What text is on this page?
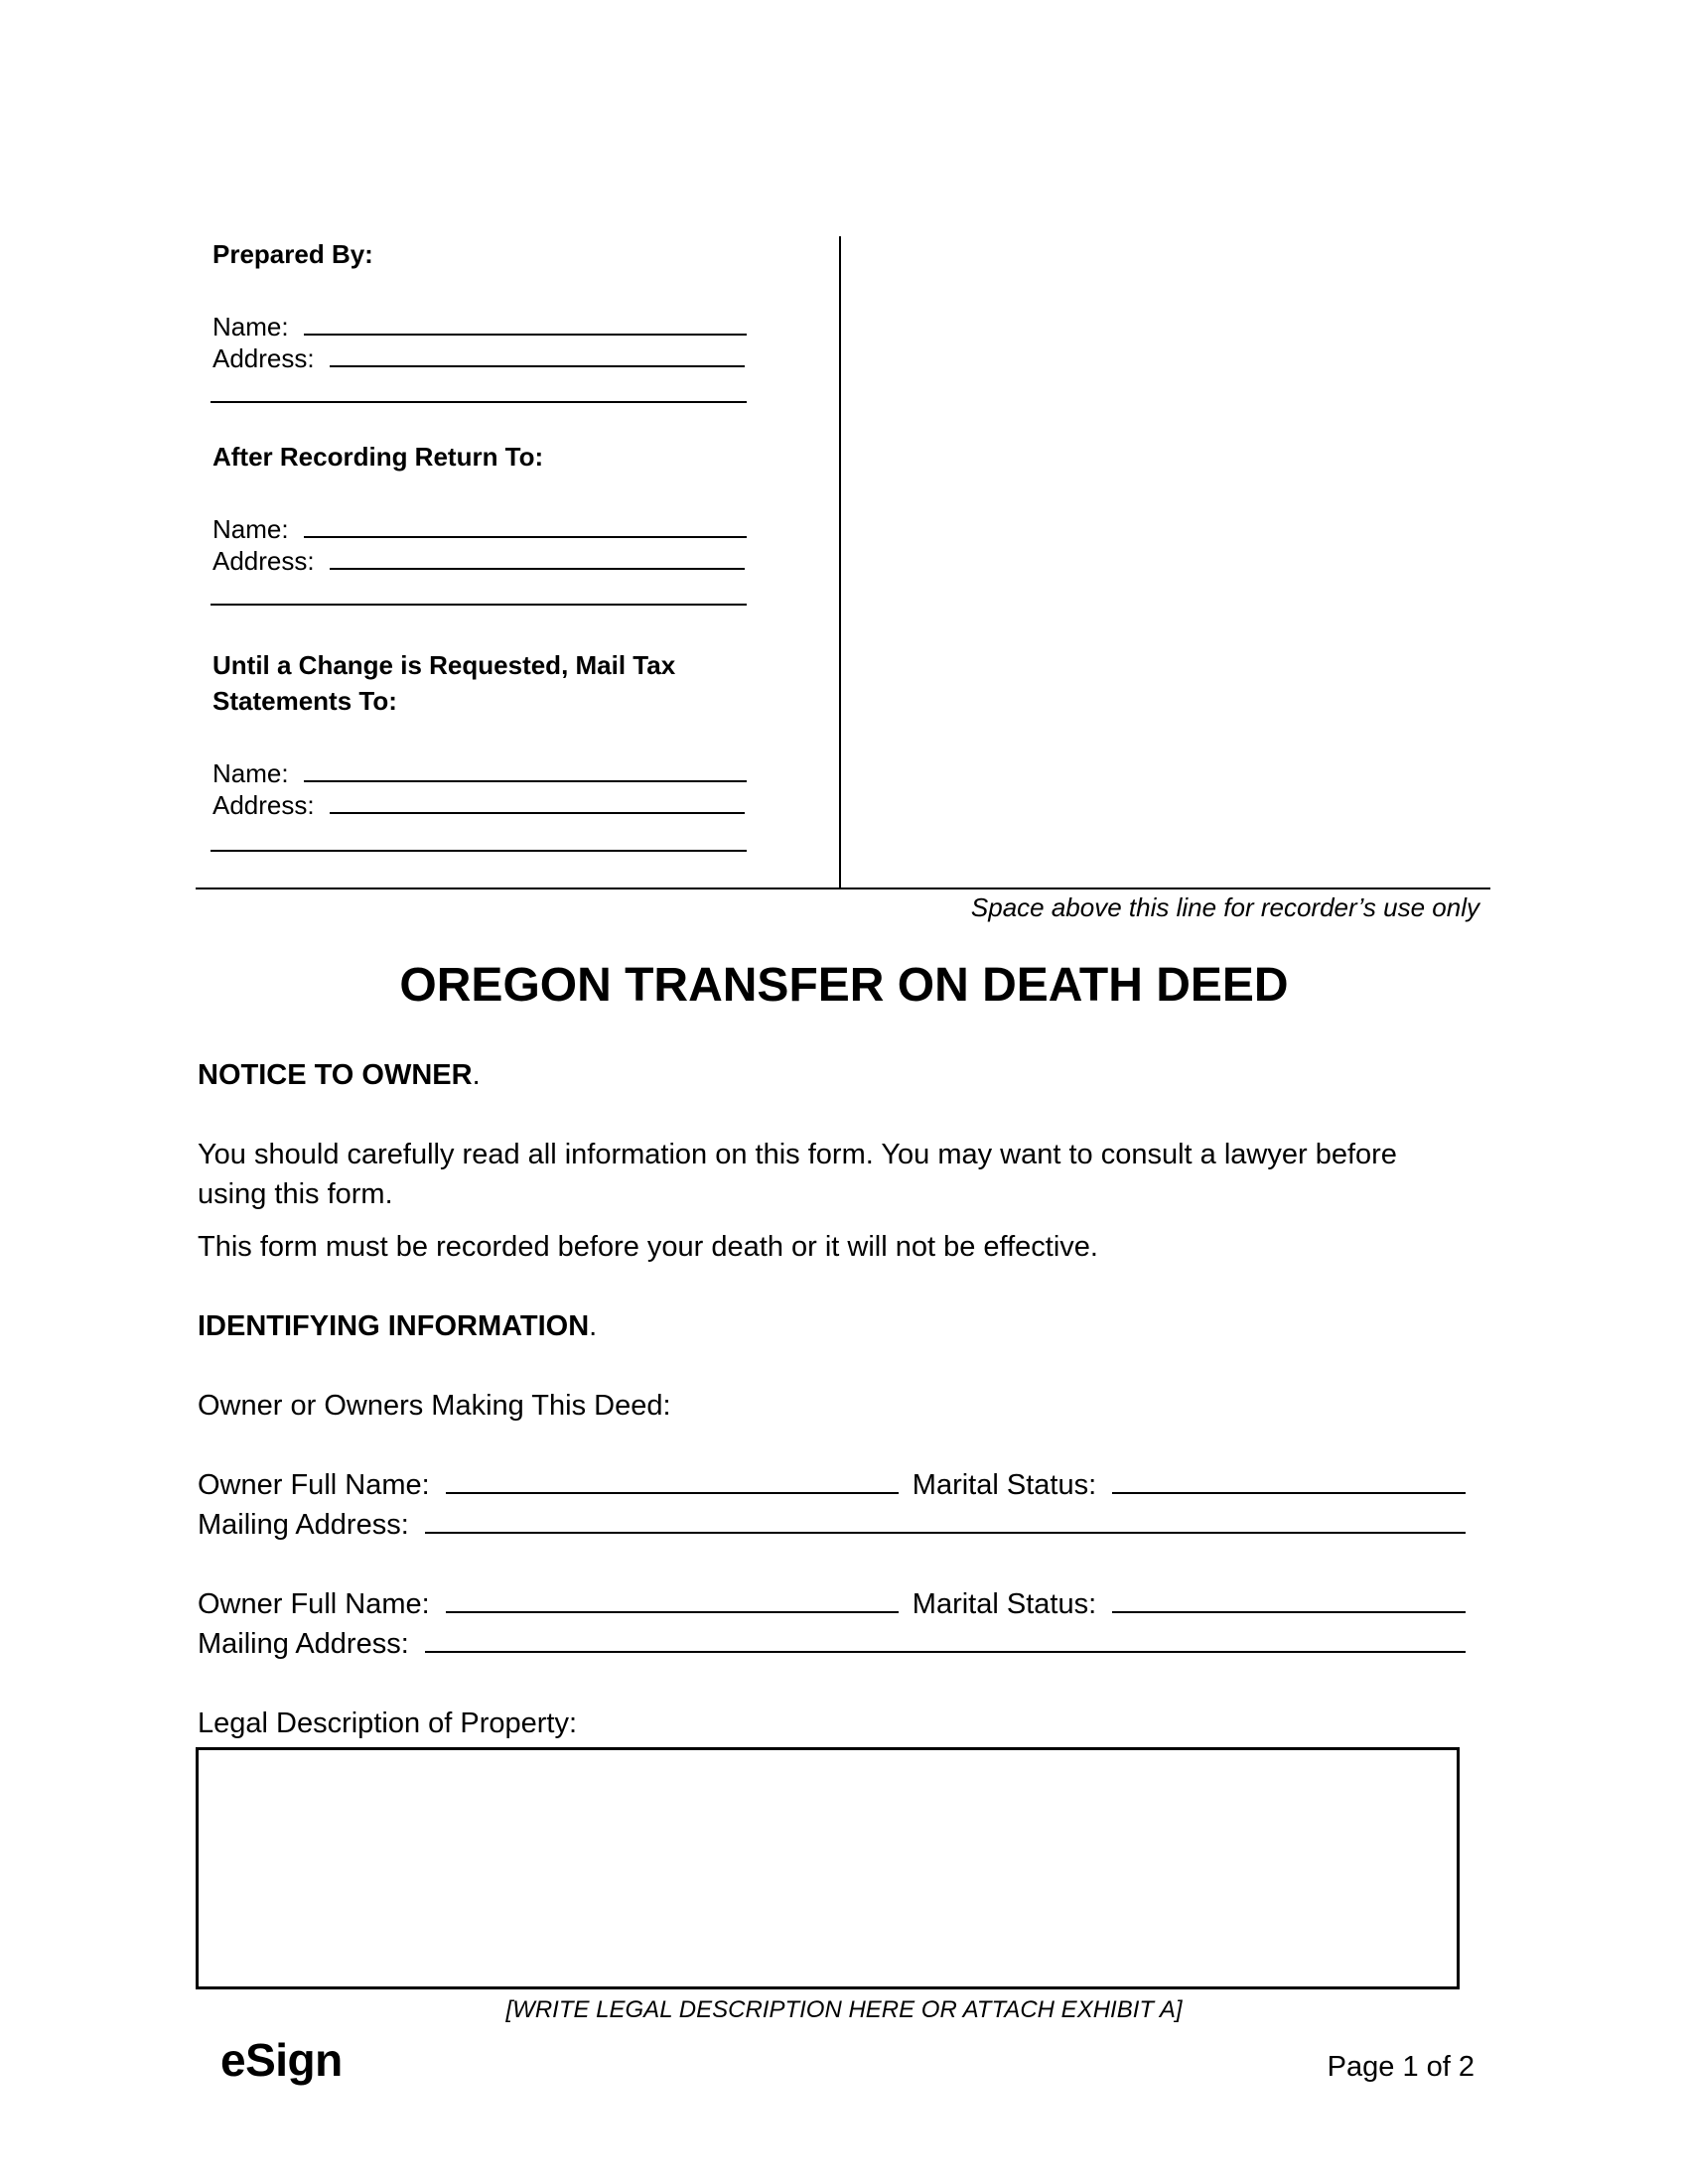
Prepared By:
Name:
Address:
After Recording Return To:
Name:
Address:
Until a Change is Requested, Mail Tax
Statements To:
Name:
Address:
Space above this line for recorder’s use only
OREGON TRANSFER ON DEATH DEED
NOTICE TO OWNER.
You should carefully read all information on this form. You may want to consult a lawyer before
using this form.
This form must be recorded before your death or it will not be effective.
IDENTIFYING INFORMATION.
Owner or Owners Making This Deed:
Owner Full Name:	Marital Status:
Mailing Address:
Owner Full Name:	Marital Status:
Mailing Address:
Legal Description of Property:
[WRITE LEGAL DESCRIPTION HERE OR ATTACH EXHIBIT A]
eSign	Page 1 of 2
